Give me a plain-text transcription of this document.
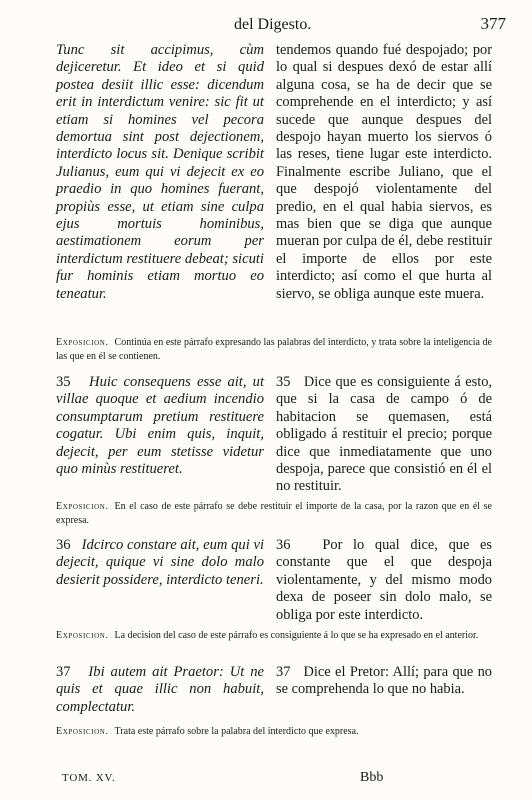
del Digesto.	377

Tunc sit accipimus, cùm dejiceretur. Et ideo et si quid postea desiit illic esse: dicendum erit in interdictum venire: sic fit ut etiam si homines vel pecora demortua sint post dejectionem, interdicto locus sit. Denique scribit Julianus, eum qui vi dejecit ex eo praedio in quo homines fuerant, propiùs esse, ut etiam sine culpa ejus mortuis hominibus, aestimationem eorum per interdictum restituere debeat; sicuti fur hominis etiam mortuo eo teneatur.

tendemos quando fué despojado; por lo qual si despues dexó de estar allí alguna cosa, se ha de decir que se comprehende en el interdicto; y así sucede que aunque despues del despojo hayan muerto los siervos ó las reses, tiene lugar este interdicto. Finalmente escribe Juliano, que el que despojó violentamente del predio, en el qual habia siervos, es mas bien que se diga que aunque mueran por culpa de él, debe restituir el importe de ellos por este interdicto; así como el que hurta al siervo, se obliga aunque este muera.

Exposicion. Continúa en este párrafo expresando las palabras del interdicto, y trata sobre la inteligencia de las que en él se contienen.

35 Huic consequens esse ait, ut villae quoque et aedium incendio consumptarum pretium restituere cogatur. Ubi enim quis, inquit, dejecit, per eum stetisse videtur quo minùs restitueret.

35 Dice que es consiguiente á esto, que si la casa de campo ó de habitacion se quemasen, está obligado á restituir el precio; porque dice que inmediatamente que uno despoja, parece que consistió en él el no restituir.

Exposicion. En el caso de este párrafo se debe restituir el importe de la casa, por la razon que en él se expresa.

36 Idcirco constare ait, eum qui vi dejecit, quique vi sine dolo malo desierit possidere, interdicto teneri.

36 Por lo qual dice, que es constante que el que despoja violentamente, y del mismo modo dexa de poseer sin dolo malo, se obliga por este interdicto.

Exposicion. La decision del caso de este párrafo es consiguiente á lo que se ha expresado en el anterior.

37 Ibi autem ait Praetor: Ut ne quis et quae illic non habuit, complectatur.

37 Dice el Pretor: Allí; para que no se comprehenda lo que no habia.

Exposicion. Trata este párrafo sobre la palabra del interdicto que expresa.
TOM. XV.	Bbb
